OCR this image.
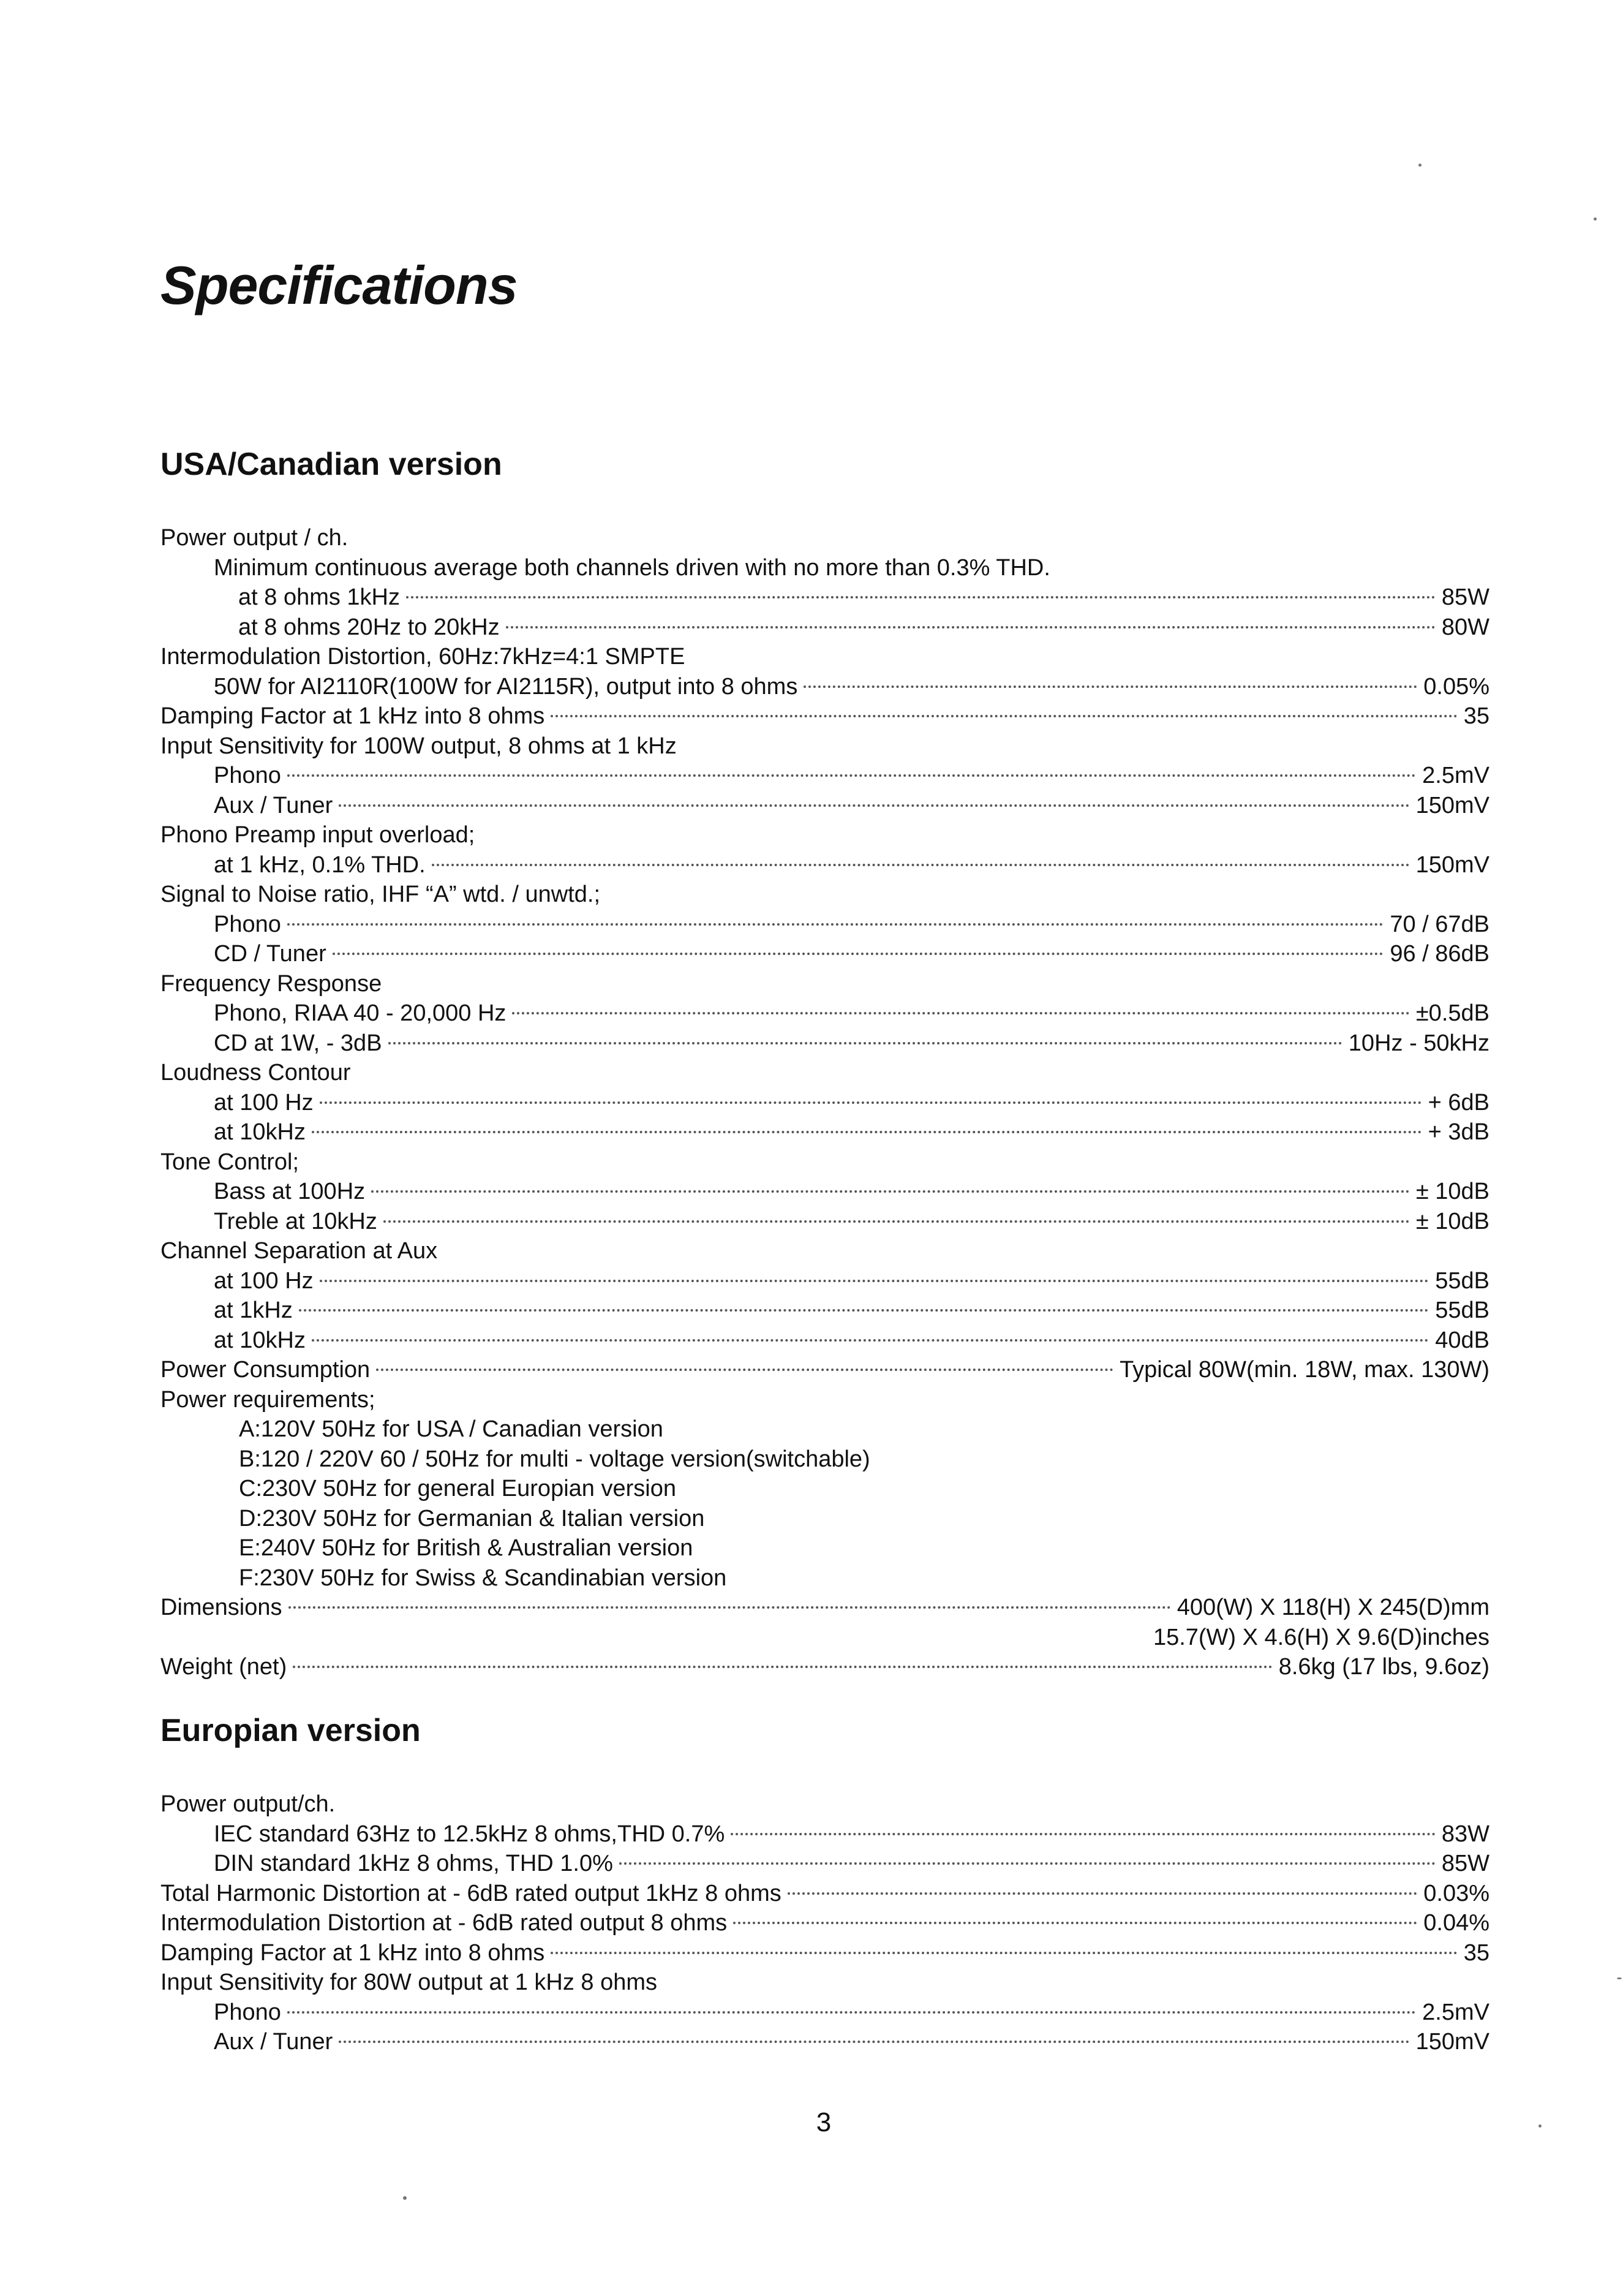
Specifications
USA/Canadian version
Power output / ch.
Minimum continuous average both channels driven with no more than 0.3% THD.
at 8 ohms 1kHz	85W
at 8 ohms 20Hz to 20kHz	80W
Intermodulation Distortion, 60Hz:7kHz=4:1 SMPTE
50W for AI2110R(100W for AI2115R), output into 8 ohms	0.05%
Damping Factor at 1 kHz into 8 ohms	35
Input Sensitivity for 100W output, 8 ohms at 1 kHz
Phono	2.5mV
Aux / Tuner	150mV
Phono Preamp input overload;
at 1 kHz, 0.1% THD.	150mV
Signal to Noise ratio, IHF “A” wtd. / unwtd.;
Phono	70 / 67dB
CD / Tuner	96 / 86dB
Frequency Response
Phono, RIAA 40 - 20,000 Hz	±0.5dB
CD at 1W, - 3dB	10Hz - 50kHz
Loudness Contour
at 100 Hz	+ 6dB
at 10kHz	+ 3dB
Tone Control;
Bass at 100Hz	± 10dB
Treble at 10kHz	± 10dB
Channel Separation at Aux
at 100 Hz	55dB
at 1kHz	55dB
at 10kHz	40dB
Power Consumption	Typical 80W(min. 18W, max. 130W)
Power requirements;
A:120V 50Hz for USA / Canadian version
B:120 / 220V 60 / 50Hz for multi - voltage version(switchable)
C:230V 50Hz for general Europian version
D:230V 50Hz for Germanian & Italian version
E:240V 50Hz for British & Australian version
F:230V 50Hz for Swiss & Scandinabian version
Dimensions	400(W) X 118(H) X 245(D)mm
15.7(W) X 4.6(H) X 9.6(D)inches
Weight (net)	8.6kg (17 lbs, 9.6oz)
Europian version
Power output/ch.
IEC standard 63Hz to 12.5kHz 8 ohms,THD 0.7%	83W
DIN standard 1kHz 8 ohms, THD 1.0%	85W
Total Harmonic Distortion at - 6dB rated output 1kHz 8 ohms	0.03%
Intermodulation Distortion at - 6dB rated output 8 ohms	0.04%
Damping Factor at 1 kHz into 8 ohms	35
Input Sensitivity for 80W output at 1 kHz 8 ohms
Phono	2.5mV
Aux / Tuner	150mV
3
